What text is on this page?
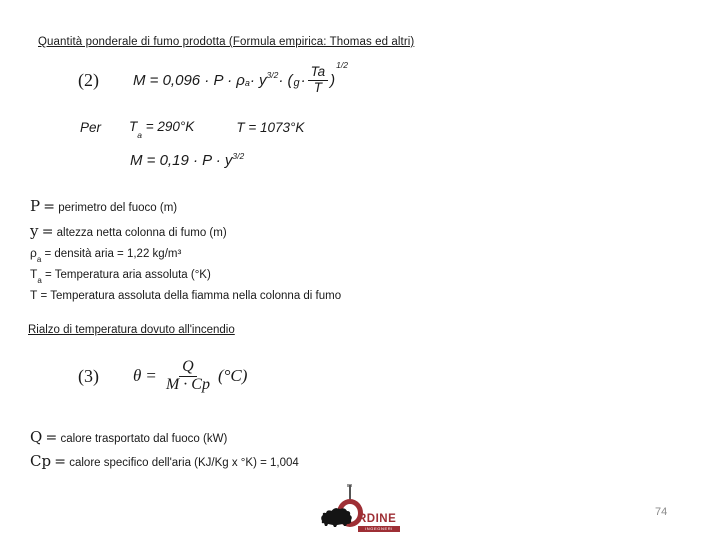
Quantità ponderale di fumo prodotta (Formula empirica: Thomas ed altri)
(2) $M = 0,096 \cdot P \cdot \rho_a \cdot y^{3/2}$ · ( $g \cdot \frac{Ta}{T}$ )
1/2
Per $T_a = 290^\circ K$	T = 1073°K
$M = 0,19 \cdot P \cdot y^{3/2}$
P = perimetro del fuoco (m)
y = altezza netta colonna di fumo (m)
$\rho_a$ = densità aria = 1,22 kg/m³
$T_a$ = Temperatura aria assoluta (°K)
T = Temperatura assoluta della fiamma nella colonna di fumo
Rialzo di temperatura dovuto all'incendio
(3) $\theta = \frac{Q}{M \cdot Cp} (^\circ C)$
Q = calore trasportato dal fuoco (kW)
Cp = calore specifico dell'aria (KJ/Kg x °K) = 1,004
RDINE
INGEGNERI
74
